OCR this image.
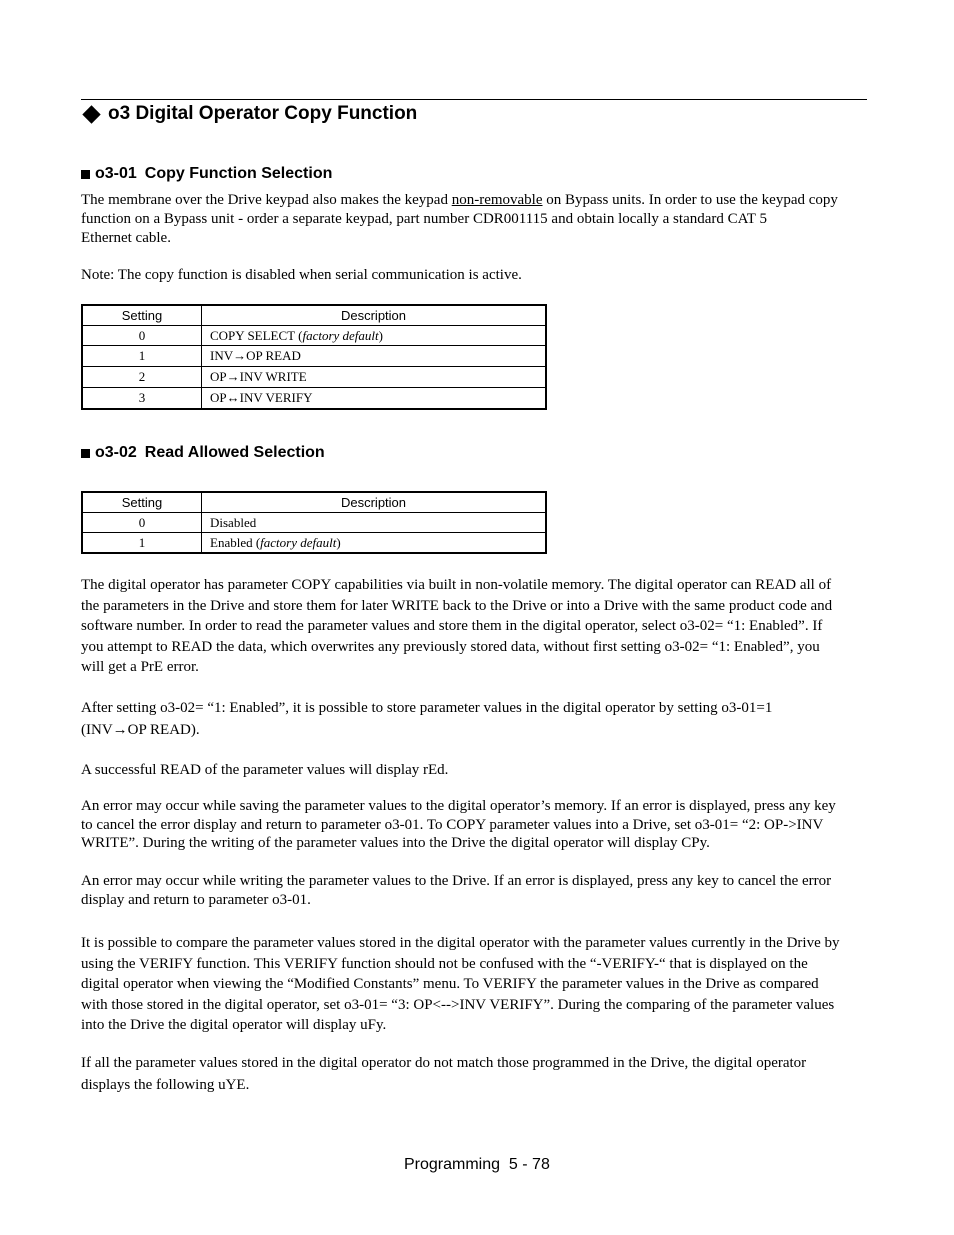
o3 Digital Operator Copy Function
o3-01 Copy Function Selection
The membrane over the Drive keypad also makes the keypad non-removable on Bypass units. In order to use the keypad copy
function on a Bypass unit - order a separate keypad, part number CDR001115 and obtain locally a standard CAT 5
Ethernet cable.
Note: The copy function is disabled when serial communication is active.
Setting	Description
0	COPY SELECT (factory default)
1	INV→OP READ
2	OP→INV WRITE
3	OP↔INV VERIFY
o3-02 Read Allowed Selection
Setting	Description
0	Disabled
1	Enabled (factory default)
The digital operator has parameter COPY capabilities via built in non-volatile memory. The digital operator can READ all of
the parameters in the Drive and store them for later WRITE back to the Drive or into a Drive with the same product code and
software number. In order to read the parameter values and store them in the digital operator, select o3-02= “1: Enabled”. If
you attempt to READ the data, which overwrites any previously stored data, without first setting o3-02= “1: Enabled”, you
will get a PrE error.
After setting o3-02= “1: Enabled”, it is possible to store parameter values in the digital operator by setting o3-01=1
(INV→OP READ).
A successful READ of the parameter values will display rEd.
An error may occur while saving the parameter values to the digital operator’s memory. If an error is displayed, press any key
to cancel the error display and return to parameter o3-01. To COPY parameter values into a Drive, set o3-01= “2: OP->INV
WRITE”. During the writing of the parameter values into the Drive the digital operator will display CPy.
An error may occur while writing the parameter values to the Drive. If an error is displayed, press any key to cancel the error
display and return to parameter o3-01.
It is possible to compare the parameter values stored in the digital operator with the parameter values currently in the Drive by
using the VERIFY function. This VERIFY function should not be confused with the “-VERIFY-“ that is displayed on the
digital operator when viewing the “Modified Constants” menu. To VERIFY the parameter values in the Drive as compared
with those stored in the digital operator, set o3-01= “3: OP<-->INV VERIFY”. During the comparing of the parameter values
into the Drive the digital operator will display uFy.
If all the parameter values stored in the digital operator do not match those programmed in the Drive, the digital operator
displays the following uYE.
Programming  5 - 78
